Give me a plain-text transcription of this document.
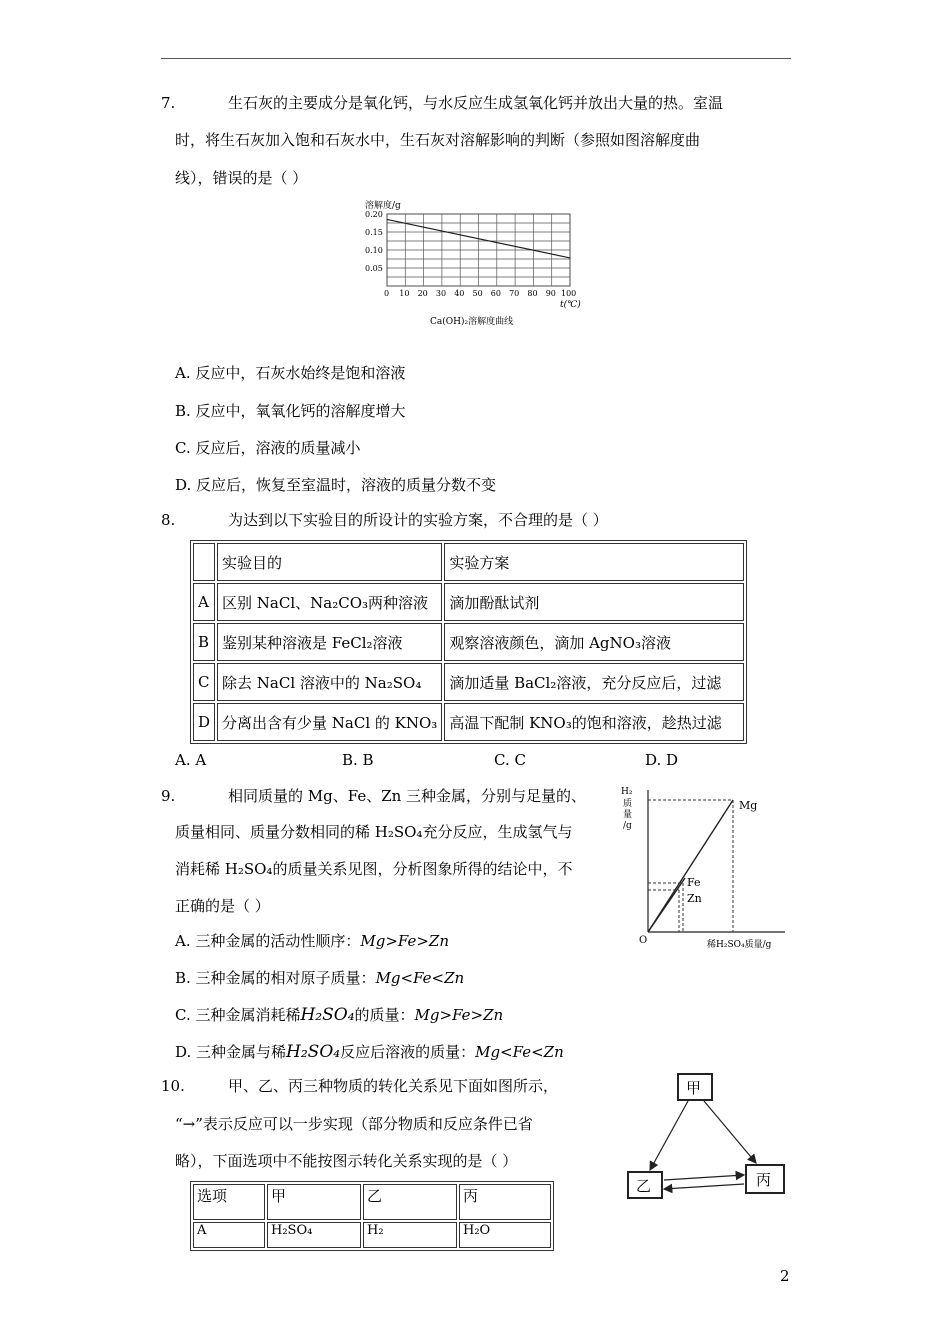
7.	生石灰的主要成分是氧化钙，与水反应生成氢氧化钙并放出大量的热。室温
时，将生石灰加入饱和石灰水中，生石灰对溶解影响的判断（参照如图溶解度曲
线），错误的是（ ）
溶解度/g
0.20
0.15
0.10
0.05
0 10 20 30 40 50 60 70 80 90 100
t(℃)
Ca(OH)₂溶解度曲线
A. 反应中，石灰水始终是饱和溶液
B. 反应中，氧氧化钙的溶解度增大
C. 反应后，溶液的质量减小
D. 反应后，恢复至室温时，溶液的质量分数不变
8.	为达到以下实验目的所设计的实验方案，不合理的是（ ）
	实验目的	实验方案
A	区别 NaCl、Na₂CO₃两种溶液	滴加酚酞试剂
B	鉴别某种溶液是 FeCl₂溶液	观察溶液颜色，滴加 AgNO₃溶液
C	除去 NaCl 溶液中的 Na₂SO₄	滴加适量 BaCl₂溶液，充分反应后，过滤
D	分离出含有少量 NaCl 的 KNO₃	高温下配制 KNO₃的饱和溶液，趁热过滤
A. A	B. B	C. C	D. D
9.	相同质量的 Mg、Fe、Zn 三种金属，分别与足量的、
质量相同、质量分数相同的稀 H₂SO₄充分反应，生成氢气与
消耗稀 H₂SO₄的质量关系见图，分析图象所得的结论中，不
正确的是（ ）
A. 三种金属的活动性顺序：Mg>Fe>Zn
B. 三种金属的相对原子质量：Mg<Fe<Zn
C. 三种金属消耗稀H₂SO₄的质量：Mg>Fe>Zn
D. 三种金属与稀H₂SO₄反应后溶液的质量：Mg<Fe<Zn
H₂
质
量
/g
Mg
Fe
Zn
O	稀H₂SO₄质量/g
10.	甲、乙、丙三种物质的转化关系见下面如图所示，
“→”表示反应可以一步实现（部分物质和反应条件已省
略），下面选项中不能按图示转化关系实现的是（ ）
甲
乙	丙
选项	甲	乙	丙
A	H₂SO₄	H₂	H₂O
2
